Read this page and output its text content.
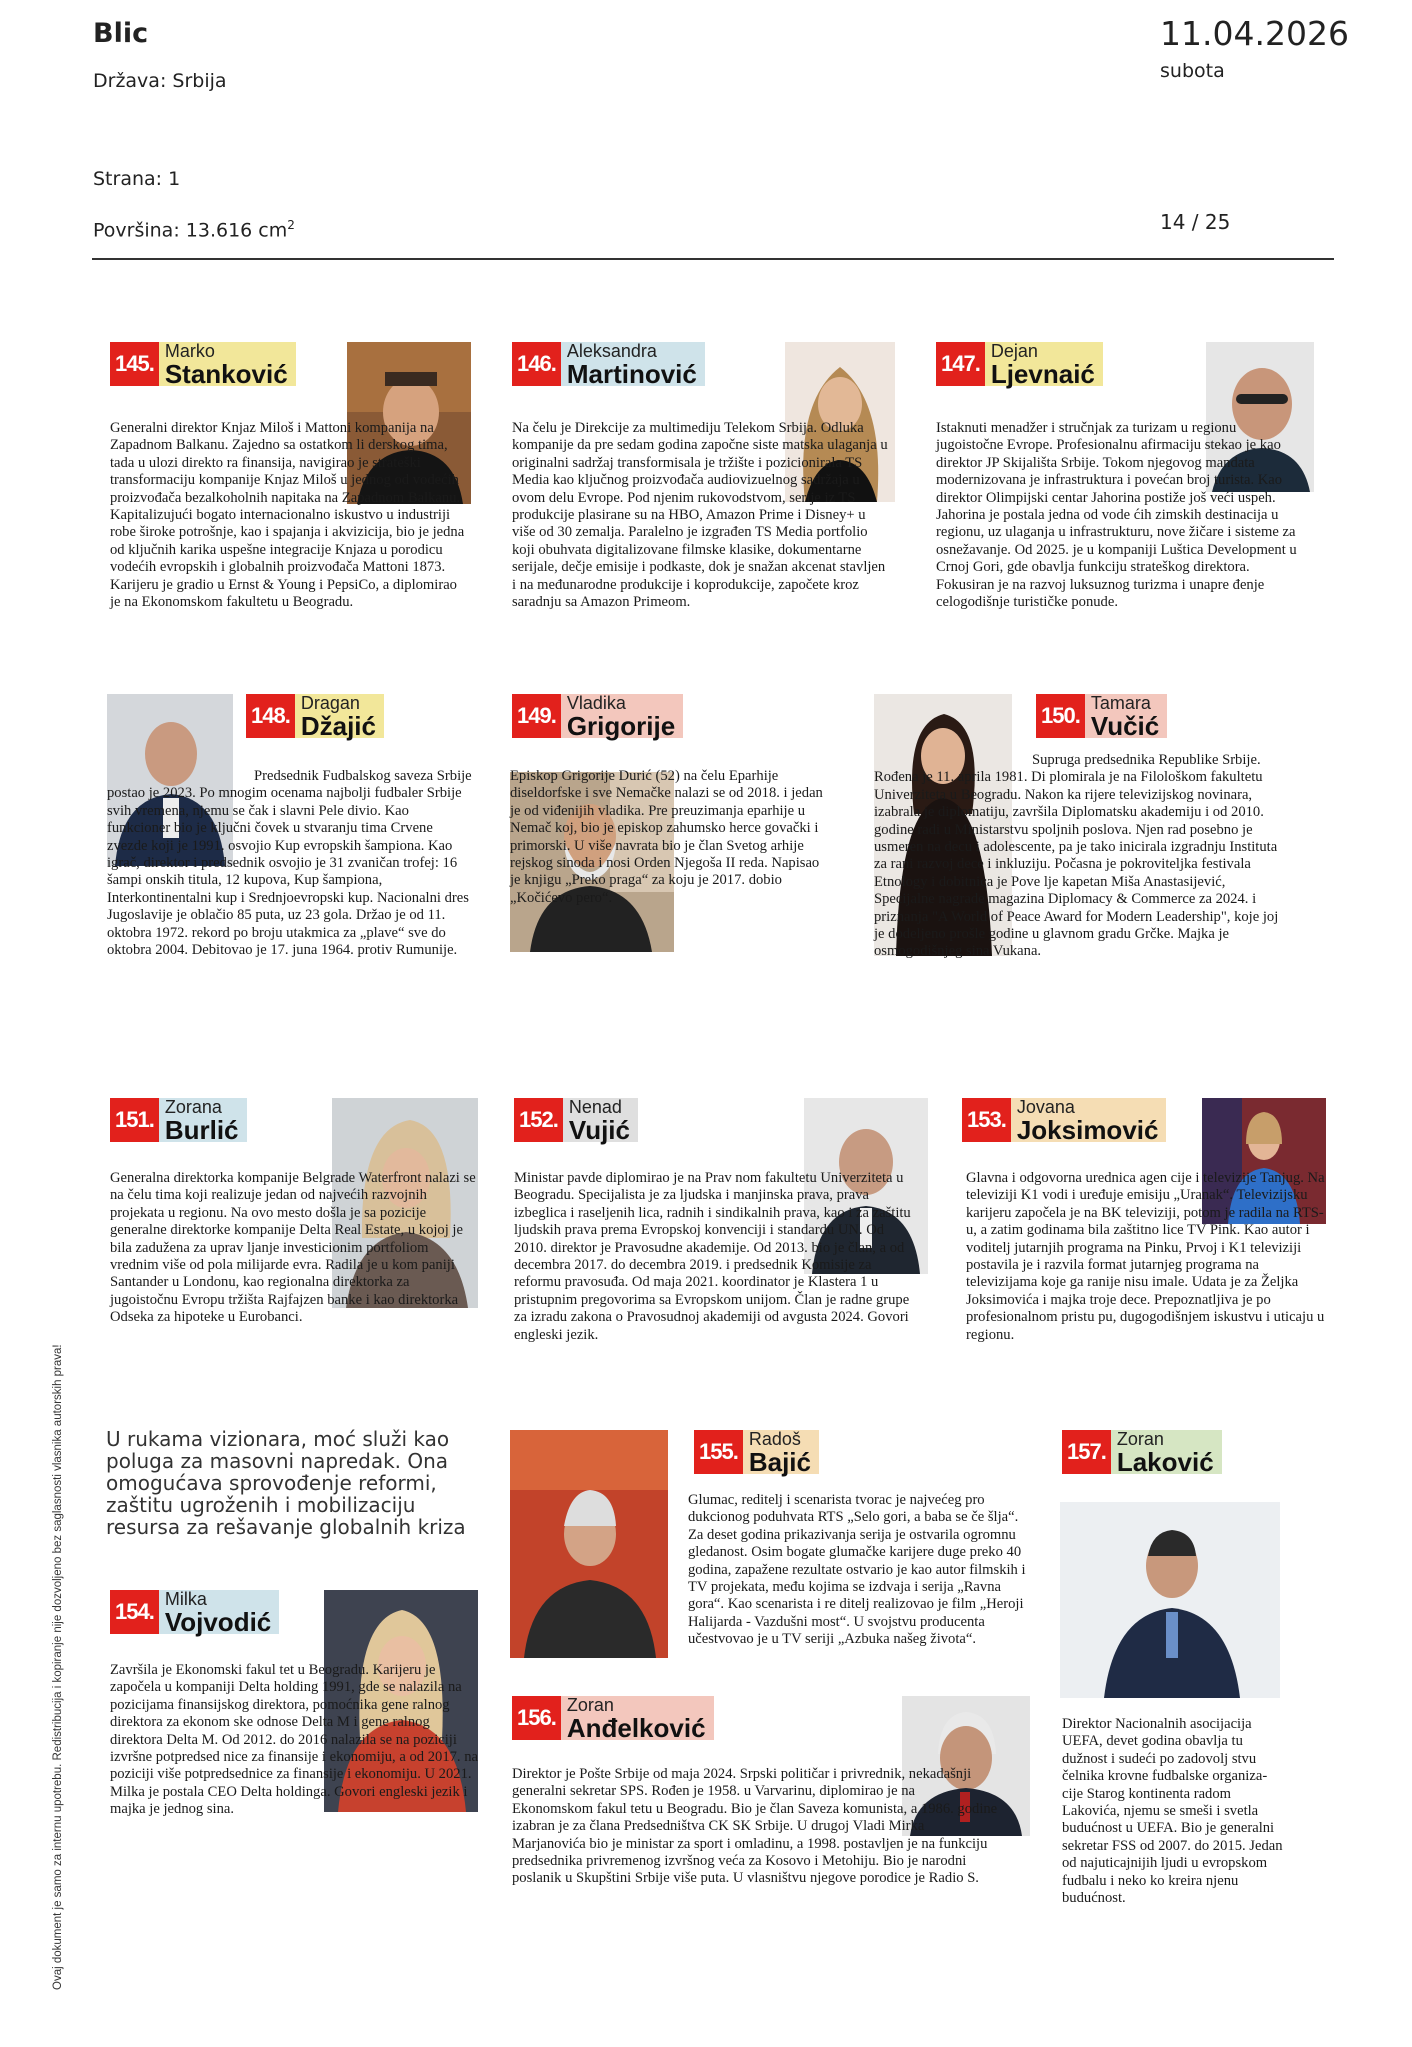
Blic
Država: Srbija
Strana: 1
Površina: 13.616 $cm^2$
11.04.2026
subota
14 / 25
Ovaj dokument je samo za internu upotrebu. Redistribucija i kopiranje nije dozvoljeno bez saglasnosti vlasnika autorskih prava!
145.
Marko
Stanković
Generalni direktor Knjaz Miloš i Mattoni kompanija na Zapadnom Balkanu. Zajedno sa ostatkom li derskog tima, tada u ulozi direkto ra finansija, navigirao je strateški transformaciju kompanije Knjaz Miloš u jednog od vodećih proizvođača bezalkoholnih napitaka na Zapadnom Balkanu. Kapitalizujući bogato internacionalno iskustvo u industriji robe široke potrošnje, kao i spajanja i akvizicija, bio je jedna od ključnih karika uspešne integracije Knjaza u porodicu vodećih evropskih i globalnih proizvođača Mattoni 1873. Karijeru je gradio u Ernst & Young i PepsiCo, a diplomirao je na Ekonomskom fakultetu u Beogradu.
146.
Aleksandra
Martinović
Na čelu je Direkcije za multimediju Telekom Srbija. Odluka kompanije da pre sedam godina započne siste matska ulaganja u originalni sadržaj transformisala je tržište i pozicionirala TS Media kao ključnog proizvođača audiovizuelnog sadržaja u ovom delu Evrope. Pod njenim rukovodstvom, serije iz TS produkcije plasirane su na HBO, Amazon Prime i Disney+ u više od 30 zemalja. Paralelno je izgrađen TS Media portfolio koji obuhvata digitalizovane filmske klasike, dokumentarne serijale, dečje emisije i podkaste, dok je snažan akcenat stavljen i na međunarodne produkcije i koprodukcije, započete kroz saradnju sa Amazon Primeom.
147.
Dejan
Ljevnaić
Istaknuti menadžer i stručnjak za turizam u regionu jugoistočne Evrope. Profesionalnu afirmaciju stekao je kao direktor JP Skijališta Srbije. Tokom njegovog mandata modernizovana je infrastruktura i povećan broj turista. Kao direktor Olimpijski centar Jahorina postiže još veći uspeh. Jahorina je postala jedna od vode ćih zimskih destinacija u regionu, uz ulaganja u infrastrukturu, nove žičare i sisteme za osnežavanje. Od 2025. je u kompaniji Luštica Development u Crnoj Gori, gde obavlja funkciju strateškog direktora. Fokusiran je na razvoj luksuznog turizma i unapre đenje celogodišnje turističke ponude.
148.
Dragan
Džajić
Predsednik Fudbalskog saveza Srbije postao je 2023. Po mnogim ocenama najbolji fudbaler Srbije svih vremena, njemu se čak i slavni Pele divio. Kao funkcioner bio je ključni čovek u stvaranju tima Crvene zvezde koji je 1991. osvojio Kup evropskih šampiona. Kao igrač, direktor i predsednik osvojio je 31 zvaničan trofej: 16 šampi onskih titula, 12 kupova, Kup šampiona, Interkontinentalni kup i Srednjoevropski kup. Nacionalni dres Jugoslavije je oblačio 85 puta, uz 23 gola. Držao je od 11. oktobra 1972. rekord po broju utakmica za „plave“ sve do oktobra 2004. Debitovao je 17. juna 1964. protiv Rumunije.
149.
Vladika
Grigorije
Episkop Grigorije Durić (52) na čelu Eparhije diseldorfske i sve Nemačke nalazi se od 2018. i jedan je od viđenijih vladika. Pre preuzimanja eparhije u Nemač koj, bio je episkop zahumsko herce govački i primorski. U više navrata bio je član Svetog arhije rejskog sinoda i nosi Orden Njegoša II reda. Napisao je knjigu „Preko praga“ za koju je 2017. dobio „Kočićevo pero“.
150.
Tamara
Vučić
Supruga predsednika Republike Srbije. Rođena je 11. aprila 1981. Di plomirala je na Filološkom fakultetu Univerziteta u Beogradu. Nakon ka rijere televizijskog novinara, izabrala je diplomatiju, završila Diplomatsku akademiju i od 2010. godine radi u Ministarstvu spoljnih poslova. Njen rad posebno je usmeren na decu i adolescente, pa je tako inicirala izgradnju Instituta za rani razvoj dece i inkluziju. Počasna je pokroviteljka festivala Etnology i dobitnica je Pove lje kapetan Miša Anastasijević, Specijalne nagrade magazina Diplomacy & Commerce za 2024. i priznanja "A World of Peace Award for Modern Leadership", koje joj je dodeljeno prošle godine u glavnom gradu Grčke. Majka je osmogodišnjeg sina Vukana.
151.
Zorana
Burlić
Generalna direktorka kompanije Belgrade Waterfront nalazi se na čelu tima koji realizuje jedan od najvećih razvojnih projekata u regionu. Na ovo mesto došla je sa pozicije generalne direktorke kompanije Delta Real Estate, u kojoj je bila zadužena za uprav ljanje investicionim portfoliom vrednim više od pola milijarde evra. Radila je u kom paniji Santander u Londonu, kao regionalna direktorka za jugoistočnu Evropu tržišta Rajfajzen banke i kao direktorka Odseka za hipoteke u Eurobanci.
152.
Nenad
Vujić
Ministar pavde diplomirao je na Prav nom fakultetu Univerziteta u Beogradu. Specijalista je za ljudska i manjinska prava, prava izbeglica i raseljenih lica, radnih i sindikalnih prava, kao i za zaštitu ljudskih prava prema Evropskoj konvenciji i standardu UN. Od 2010. direktor je Pravosudne akademije. Od 2013. bio je član, a od decembra 2017. do decembra 2019. i predsednik Komisije za reformu pravosuđa. Od maja 2021. koordinator je Klastera 1 u pristupnim pregovorima sa Evropskom unijom. Član je radne grupe za izradu zakona o Pravosudnoj akademiji od avgusta 2024. Govori engleski jezik.
153.
Jovana
Joksimović
Glavna i odgovorna urednica agen cije i televizije Tanjug. Na televiziji K1 vodi i uređuje emisiju „Uranak“. Televizijsku karijeru započela je na BK televiziji, potom je radila na RTS-u, a zatim godinama bila zaštitno lice TV Pink. Kao autor i voditelj jutarnjih programa na Pinku, Prvoj i K1 televiziji postavila je i razvila format jutarnjeg programa na televizijama koje ga ranije nisu imale. Udata je za Željka Joksimovića i majka troje dece. Prepoznatljiva je po profesionalnom pristu pu, dugogodišnjem iskustvu i uticaju u regionu.
U rukama vizionara, moć služi kao poluga za masovni napredak. Ona omogućava sprovođenje reformi, zaštitu ugroženih i mobilizaciju resursa za rešavanje globalnih kriza
154.
Milka
Vojvodić
Završila je Ekonomski fakul tet u Beogradu. Karijeru je započela u kompaniji Delta holding 1991, gde se nalazila na pozicijama finansijskog direktora, pomoćnika gene ralnog direktora za ekonom ske odnose Delta M i gene ralnog direktora Delta M. Od 2012. do 2016 nalazila se na poziciji izvršne potpredsed nice za finansije i ekonomiju, a od 2017. na poziciji više potpredsednice za finansije i ekonomiju. U 2021. Milka je postala CEO Delta holdinga. Govori engleski jezik i majka je jednog sina.
155.
Radoš
Bajić
Glumac, reditelj i scenarista tvorac je najvećeg pro dukcionog poduhvata RTS „Selo gori, a baba se če šlja“. Za deset godina prikazivanja serija je ostvarila ogromnu gledanost. Osim bogate glumačke karijere duge preko 40 godina, zapažene rezultate ostvario je kao autor filmskih i TV projekata, među kojima se izdvaja i serija „Ravna gora“. Kao scenarista i re ditelj realizovao je film „Heroji Halijarda - Vazdušni most“. U svojstvu producenta učestvovao je u TV seriji „Azbuka našeg života“.
156.
Zoran
Anđelković
Direktor je Pošte Srbije od maja 2024. Srpski političar i privrednik, nekadašnji generalni sekretar SPS. Rođen je 1958. u Varvarinu, diplomirao je na Ekonomskom fakul tetu u Beogradu. Bio je član Saveza komunista, a 1986. godine izabran je za člana Predsedništva CK SK Srbije. U drugoj Vladi Mirka Marjanovića bio je ministar za sport i omladinu, a 1998. postavljen je na funkciju predsednika privremenog izvršnog veća za Kosovo i Metohiju. Bio je narodni poslanik u Skupštini Srbije više puta. U vlasništvu njegove porodice je Radio S.
157.
Zoran
Laković
Direktor Nacionalnih asocijacija UEFA, devet godina obavlja tu dužnost i sudeći po zadovolj stvu čelnika krovne fudbalske organiza-cije Starog kontinenta radom Lakovića, njemu se smeši i svetla budućnost u UEFA. Bio je generalni sekretar FSS od 2007. do 2015. Jedan od najuticajnijih ljudi u evropskom fudbalu i neko ko kreira njenu budućnost.
